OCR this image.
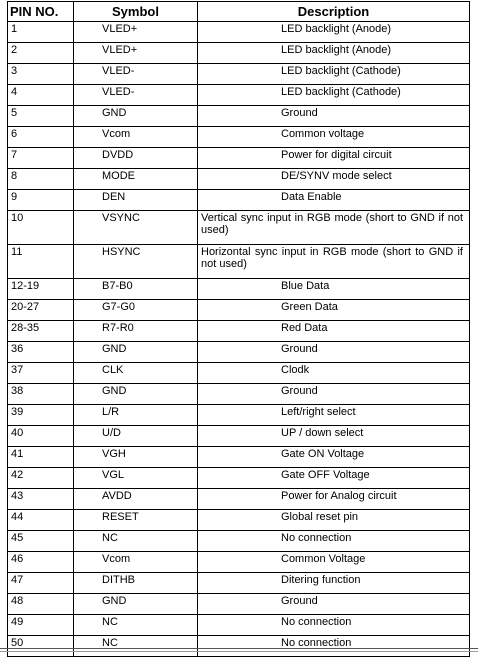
PIN NO.	Symbol	Description
1	VLED+	LED backlight (Anode)

2	VLED+	LED backlight (Anode)

3	VLED-	LED backlight (Cathode)

4	VLED-	LED backlight (Cathode)

5	GND	Ground

6	Vcom	Common voltage

7	DVDD	Power for digital circuit

8	MODE	DE/SYNV mode select

9	DEN	Data Enable

10	VSYNC	Vertical sync input in RGB mode (short to GND if not used)

11	HSYNC	Horizontal sync input in RGB mode (short to GND if not used)

12-19	B7-B0	Blue Data

20-27	G7-G0	Green Data

28-35	R7-R0	Red Data

36	GND	Ground

37	CLK	Clodk

38	GND	Ground

39	L/R	Left/right select

40	U/D	UP / down select

41	VGH	Gate ON Voltage

42	VGL	Gate OFF Voltage

43	AVDD	Power for Analog circuit

44	RESET	Global reset pin

45	NC	No connection

46	Vcom	Common Voltage

47	DITHB	Ditering function

48	GND	Ground

49	NC	No connection

50	NC	No connection
